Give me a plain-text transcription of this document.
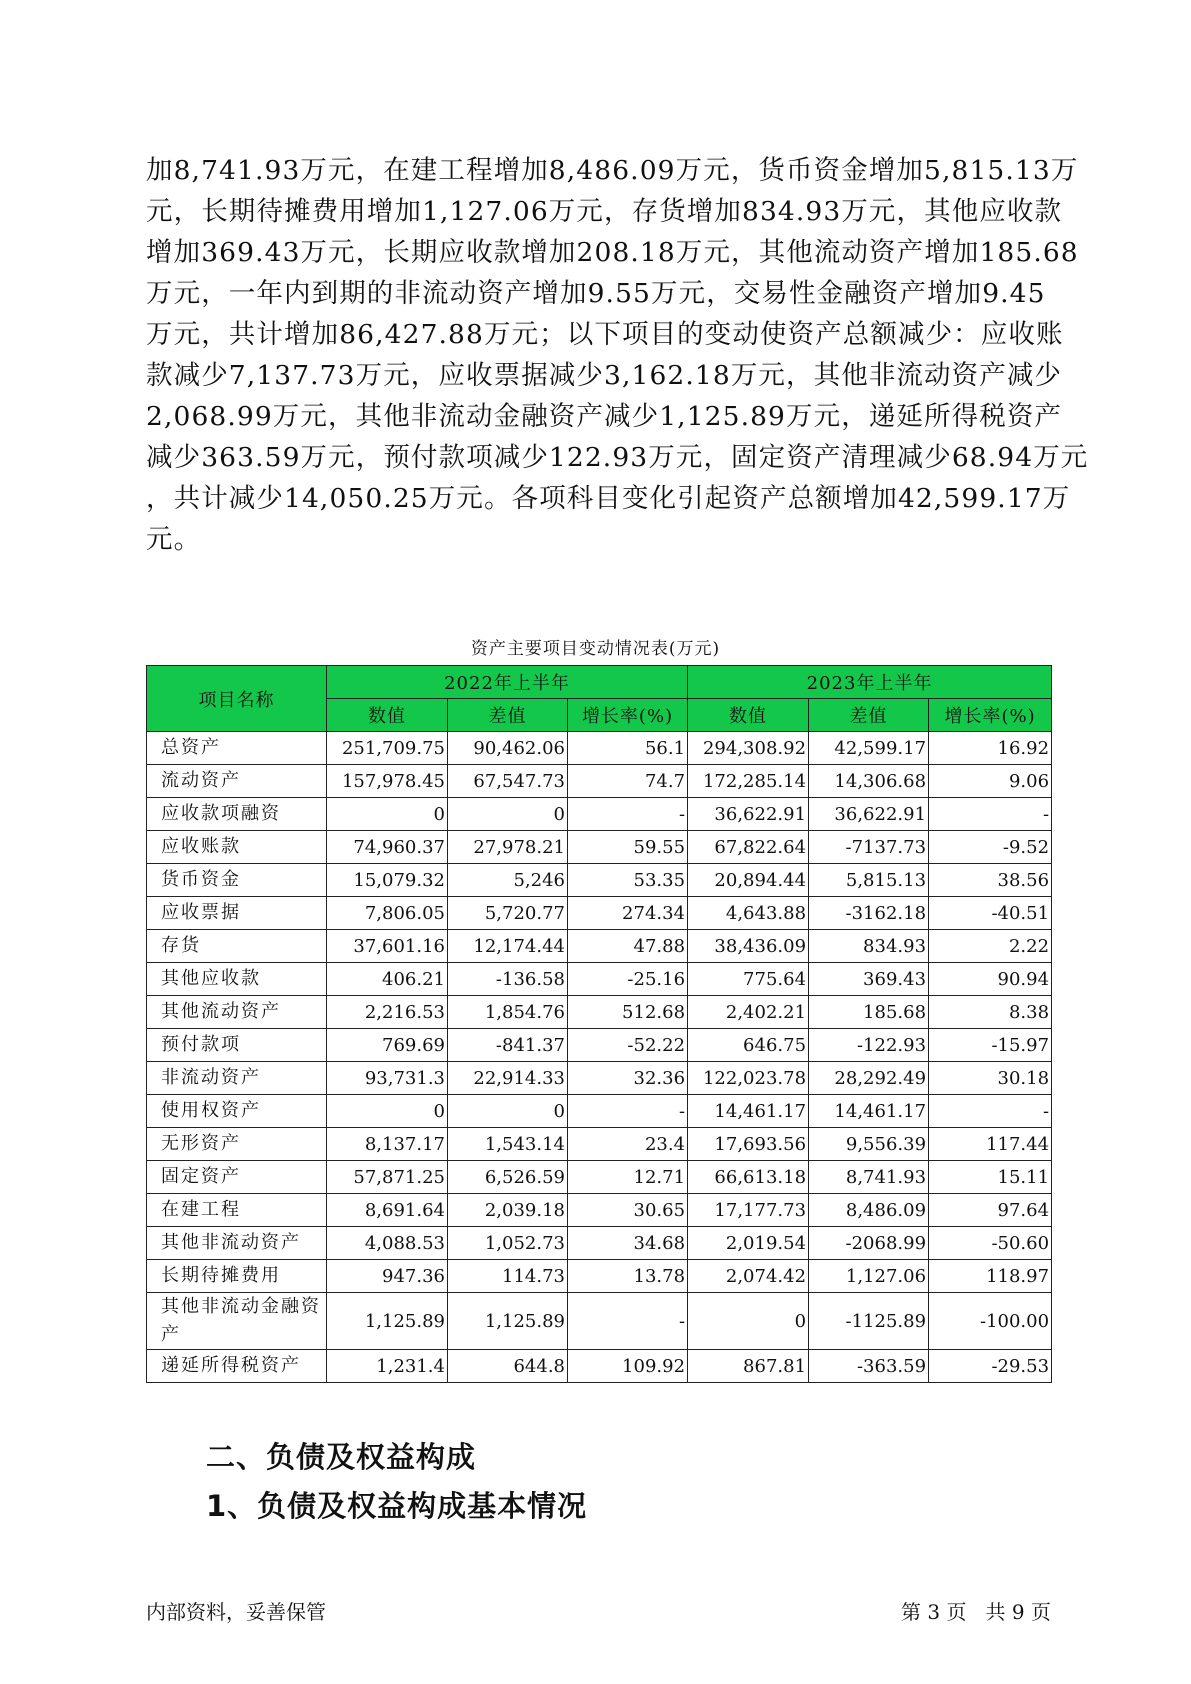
加8,741.93万元，在建工程增加8,486.09万元，货币资金增加5,815.13万
元，长期待摊费用增加1,127.06万元，存货增加834.93万元，其他应收款
增加369.43万元，长期应收款增加208.18万元，其他流动资产增加185.68
万元，一年内到期的非流动资产增加9.55万元，交易性金融资产增加9.45
万元，共计增加86,427.88万元；以下项目的变动使资产总额减少：应收账
款减少7,137.73万元，应收票据减少3,162.18万元，其他非流动资产减少
2,068.99万元，其他非流动金融资产减少1,125.89万元，递延所得税资产
减少363.59万元，预付款项减少122.93万元，固定资产清理减少68.94万元
，共计减少14,050.25万元。各项科目变化引起资产总额增加42,599.17万
元。
资产主要项目变动情况表(万元)
项目名称	2022年上半年			2023年上半年		
	数值	差值	增长率(%)	数值	差值	增长率(%)
总资产	251,709.75	90,462.06	56.1	294,308.92	42,599.17	16.92
流动资产	157,978.45	67,547.73	74.7	172,285.14	14,306.68	9.06
应收款项融资	0	0	-	36,622.91	36,622.91	-
应收账款	74,960.37	27,978.21	59.55	67,822.64	-7137.73	-9.52
货币资金	15,079.32	5,246	53.35	20,894.44	5,815.13	38.56
应收票据	7,806.05	5,720.77	274.34	4,643.88	-3162.18	-40.51
存货	37,601.16	12,174.44	47.88	38,436.09	834.93	2.22
其他应收款	406.21	-136.58	-25.16	775.64	369.43	90.94
其他流动资产	2,216.53	1,854.76	512.68	2,402.21	185.68	8.38
预付款项	769.69	-841.37	-52.22	646.75	-122.93	-15.97
非流动资产	93,731.3	22,914.33	32.36	122,023.78	28,292.49	30.18
使用权资产	0	0	-	14,461.17	14,461.17	-
无形资产	8,137.17	1,543.14	23.4	17,693.56	9,556.39	117.44
固定资产	57,871.25	6,526.59	12.71	66,613.18	8,741.93	15.11
在建工程	8,691.64	2,039.18	30.65	17,177.73	8,486.09	97.64
其他非流动资产	4,088.53	1,052.73	34.68	2,019.54	-2068.99	-50.60
长期待摊费用	947.36	114.73	13.78	2,074.42	1,127.06	118.97
其他非流动金融资产	1,125.89	1,125.89	-	0	-1125.89	-100.00
递延所得税资产	1,231.4	644.8	109.92	867.81	-363.59	-29.53
二、负债及权益构成
1、负债及权益构成基本情况
内部资料，妥善保管	第 3 页   共 9 页
